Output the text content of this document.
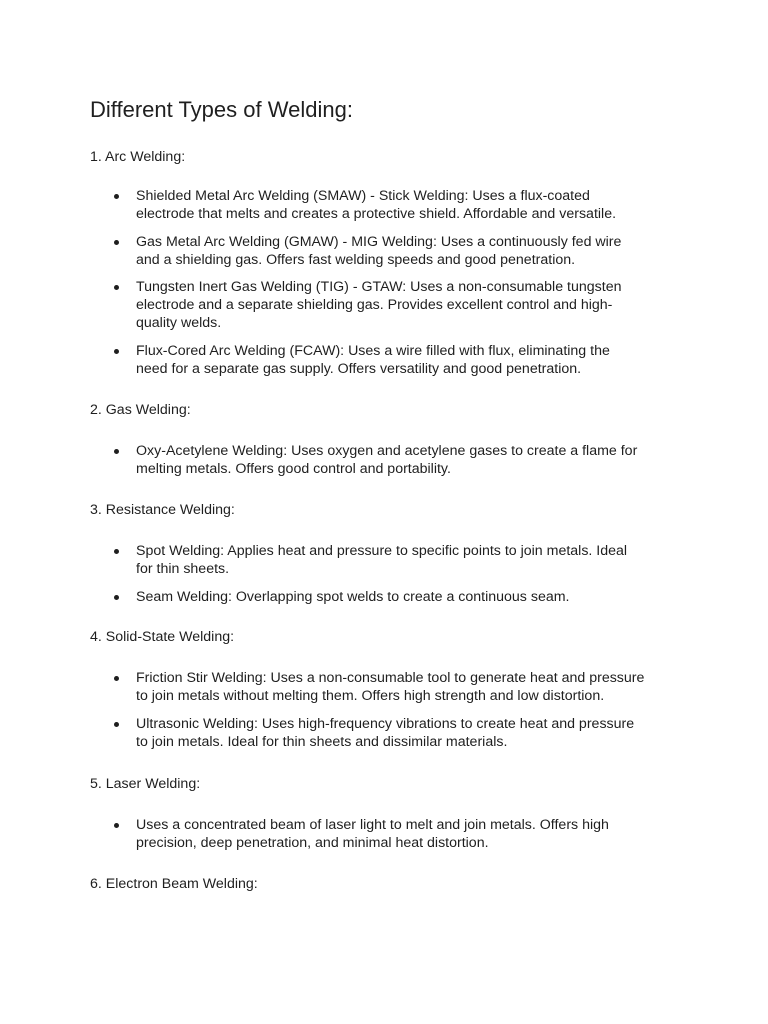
Different Types of Welding:

1. Arc Welding:

Shielded Metal Arc Welding (SMAW) - Stick Welding: Uses a flux-coated
electrode that melts and creates a protective shield. Affordable and versatile.
Gas Metal Arc Welding (GMAW) - MIG Welding: Uses a continuously fed wire
and a shielding gas. Offers fast welding speeds and good penetration.
Tungsten Inert Gas Welding (TIG) - GTAW: Uses a non-consumable tungsten
electrode and a separate shielding gas. Provides excellent control and high-
quality welds.
Flux-Cored Arc Welding (FCAW): Uses a wire filled with flux, eliminating the
need for a separate gas supply. Offers versatility and good penetration.

2. Gas Welding:

Oxy-Acetylene Welding: Uses oxygen and acetylene gases to create a flame for
melting metals. Offers good control and portability.

3. Resistance Welding:

Spot Welding: Applies heat and pressure to specific points to join metals. Ideal
for thin sheets.
Seam Welding: Overlapping spot welds to create a continuous seam.

4. Solid-State Welding:

Friction Stir Welding: Uses a non-consumable tool to generate heat and pressure
to join metals without melting them. Offers high strength and low distortion.
Ultrasonic Welding: Uses high-frequency vibrations to create heat and pressure
to join metals. Ideal for thin sheets and dissimilar materials.

5. Laser Welding:

Uses a concentrated beam of laser light to melt and join metals. Offers high
precision, deep penetration, and minimal heat distortion.

6. Electron Beam Welding:
